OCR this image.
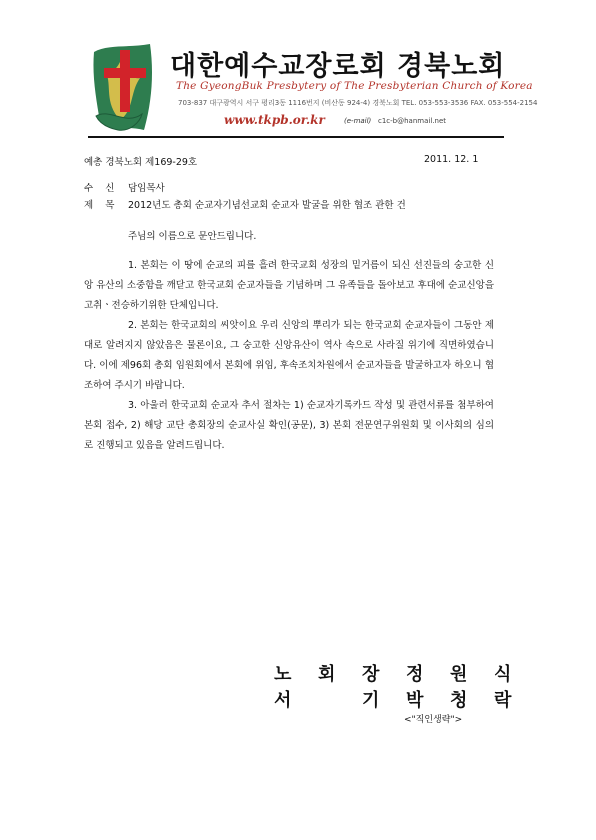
대한예수교장로회 경북노회
The GyeongBuk Presbytery of The Presbyterian Church of Korea
703-837 대구광역시 서구 평리3동 1116번지 (비산동 924-4) 경북노회 TEL. 053-553-3536 FAX. 053-554-2154
www.tkpb.or.kr	(e-mail) c1c-b@hanmail.net
예총 경북노회 제169-29호	2011. 12. 1
수    신 담임목사
제    목 2012년도 총회 순교자기념선교회 순교자 발굴을 위한 협조 관한 건
주님의 이름으로 문안드립니다.

1. 본회는 이 땅에 순교의 피를 흘려 한국교회 성장의 밑거름이 되신 선진들의 숭고한 신앙 유산의 소중함을 깨닫고 한국교회 순교자들을 기념하며 그 유족들을 돌아보고 후대에 순교신앙을 고취ㆍ전승하기위한 단체입니다.

2. 본회는 한국교회의 씨앗이요 우리 신앙의 뿌리가 되는 한국교회 순교자들이 그동안 제대로 알려지지 않았음은 물론이요, 그 숭고한 신앙유산이 역사 속으로 사라질 위기에 직면하였습니다. 이에 제96회 총회 임원회에서 본회에 위임, 후속조치차원에서 순교자들을 발굴하고자 하오니 협조하여 주시기 바랍니다.

3. 아울러 한국교회 순교자 추서 절차는 1) 순교자기록카드 작성 및 관련서류를 첨부하여 본회 접수, 2) 해당 교단 총회장의 순교사실 확인(공문), 3) 본회 전문연구위원회 및 이사회의 심의로 진행되고 있음을 알려드립니다.

노 회 장 정 원 식
서	기 박 청 락
<"직인생략">
